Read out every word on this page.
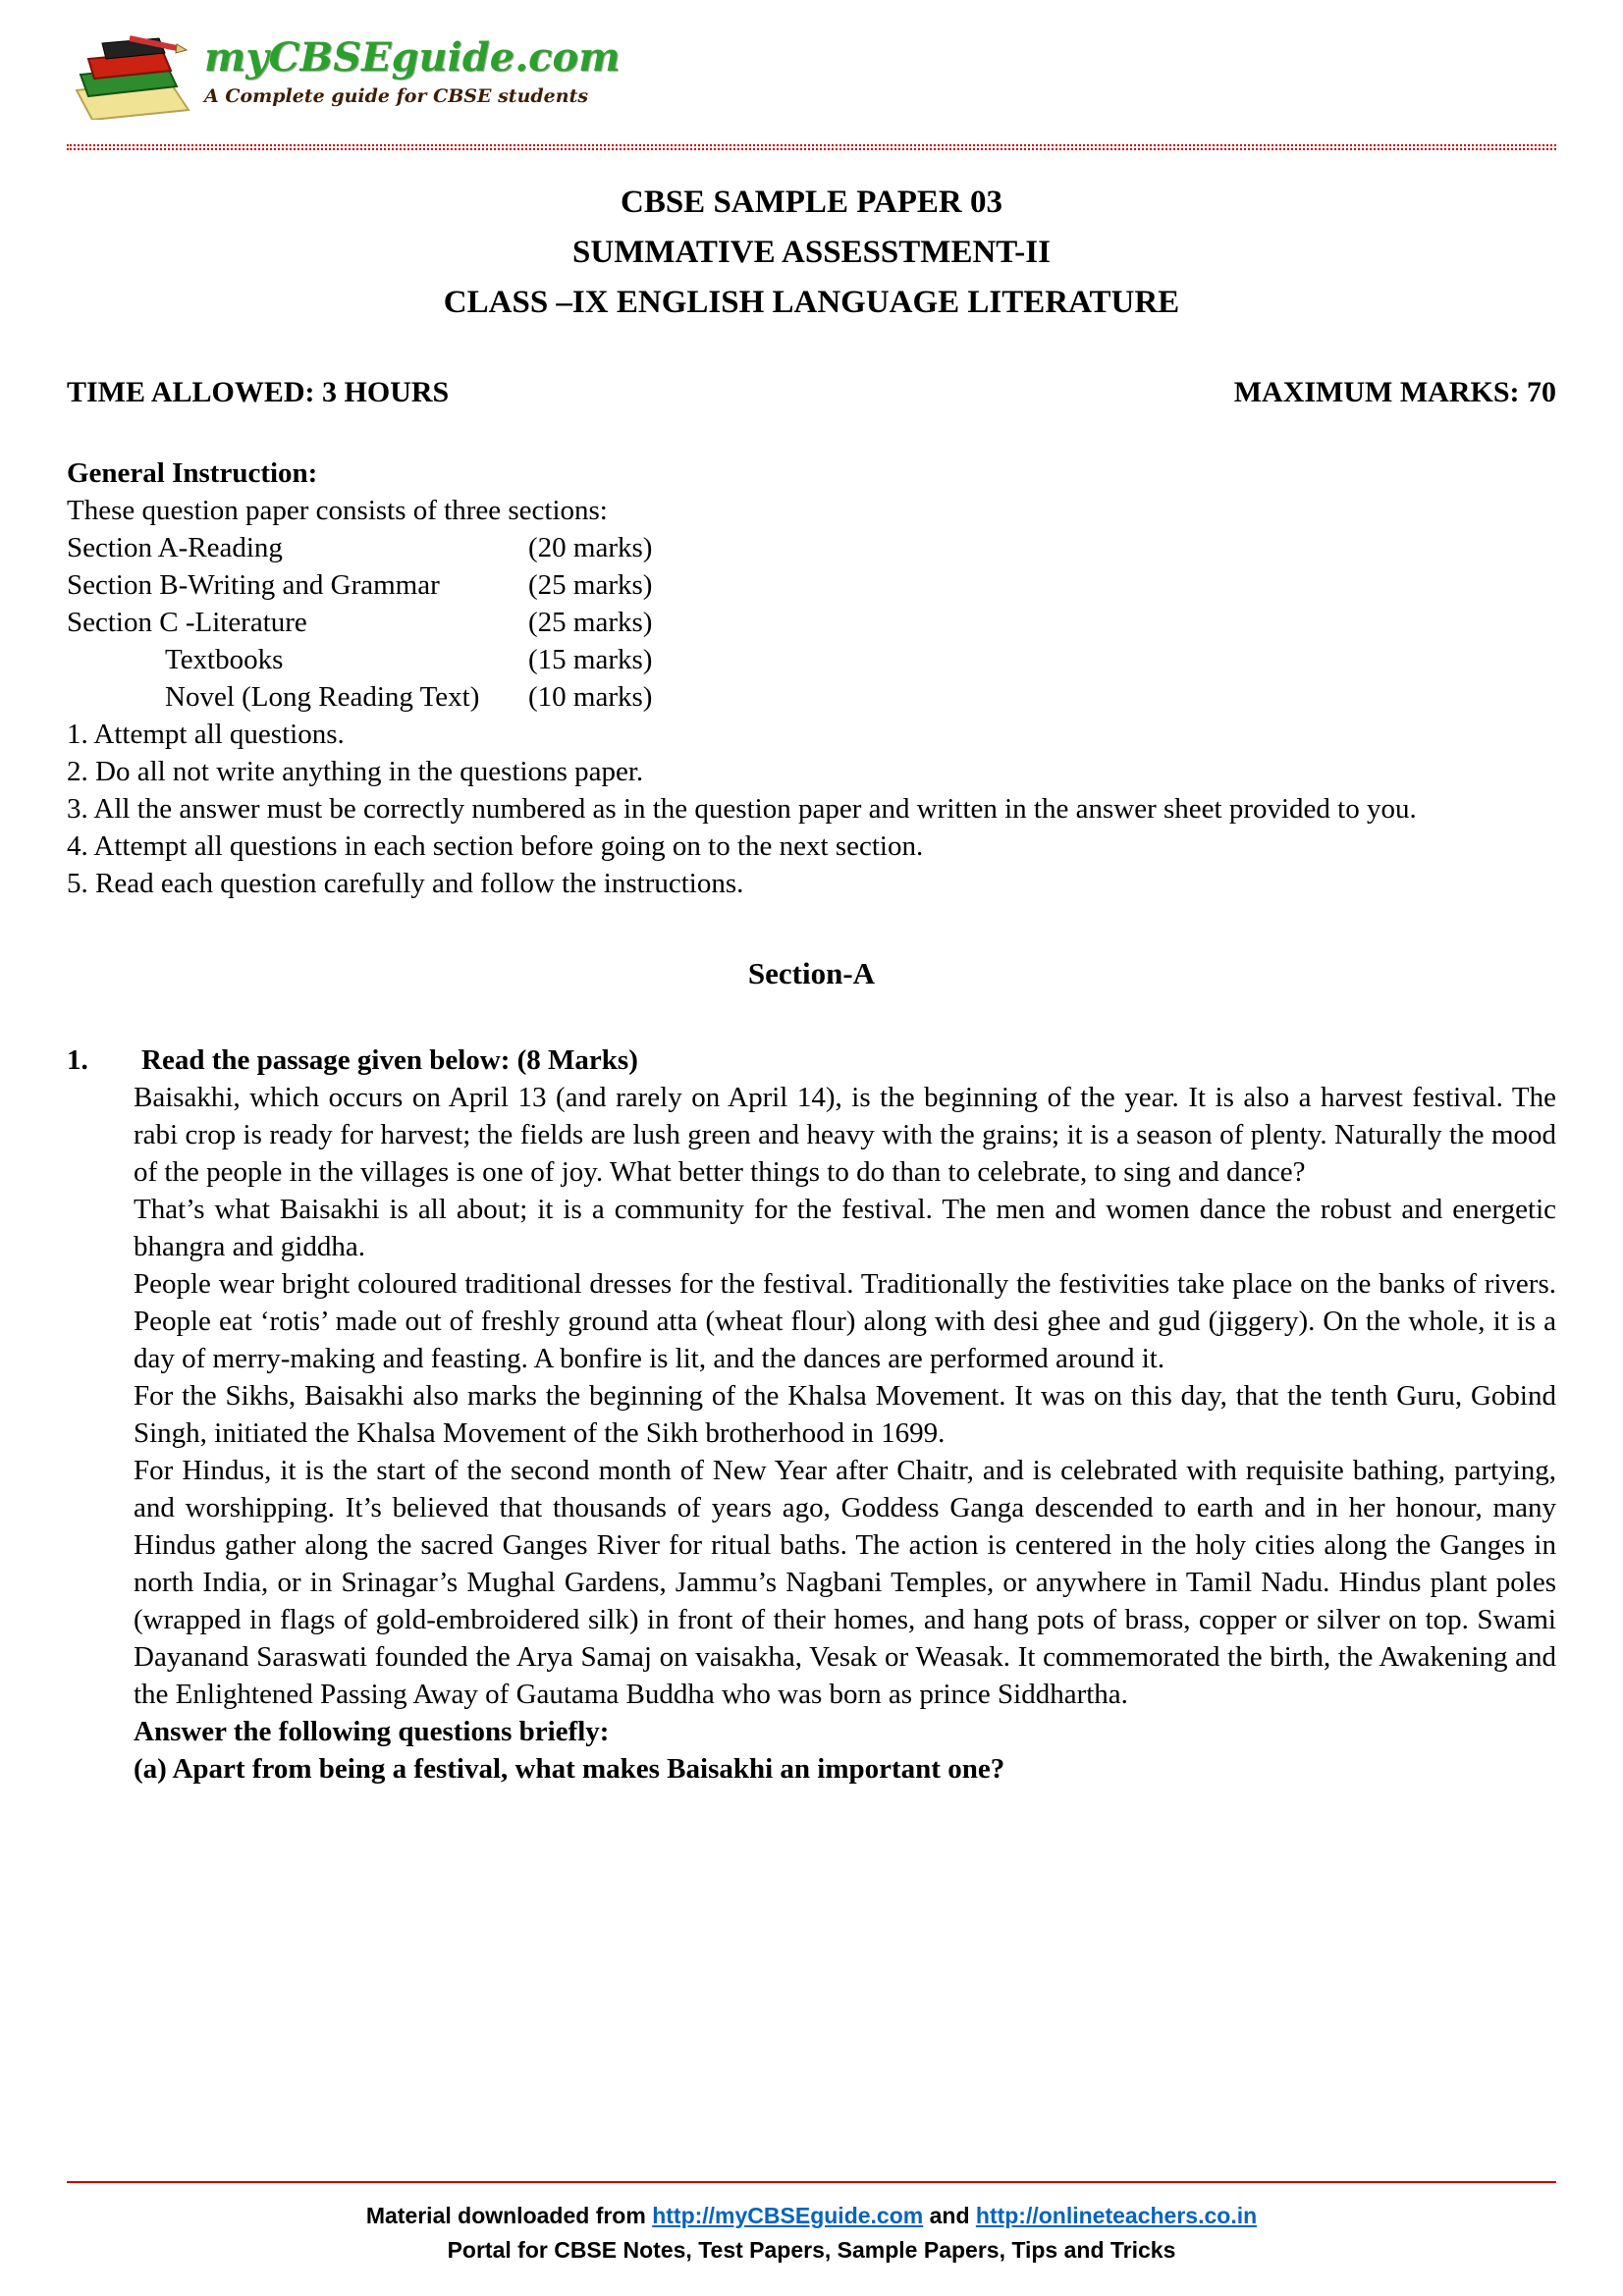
myCBSEguide.com
A Complete guide for CBSE students
CBSE SAMPLE PAPER 03
SUMMATIVE ASSESSTMENT-II
CLASS –IX ENGLISH LANGUAGE LITERATURE
TIME ALLOWED: 3 HOURS	MAXIMUM MARKS: 70

General Instruction:

These question paper consists of three sections:

Section A-Reading	(20 marks)
Section B-Writing and Grammar	(25 marks)
Section C -Literature	(25 marks)
Textbooks	(15 marks)
Novel (Long Reading Text)	(10 marks)

1. Attempt all questions.

2. Do all not write anything in the questions paper.

3. All the answer must be correctly numbered as in the question paper and written in the answer sheet provided to you.

4. Attempt all questions in each section before going on to the next section.

5. Read each question carefully and follow the instructions.

Section-A
1.	Read the passage given below: (8 Marks)

Baisakhi, which occurs on April 13 (and rarely on April 14), is the beginning of the year. It is also a harvest festival. The rabi crop is ready for harvest; the fields are lush green and heavy with the grains; it is a season of plenty. Naturally the mood of the people in the villages is one of joy. What better things to do than to celebrate, to sing and dance?

That’s what Baisakhi is all about; it is a community for the festival. The men and women dance the robust and energetic bhangra and giddha.

People wear bright coloured traditional dresses for the festival. Traditionally the festivities take place on the banks of rivers. People eat ‘rotis’ made out of freshly ground atta (wheat flour) along with desi ghee and gud (jiggery). On the whole, it is a day of merry-making and feasting. A bonfire is lit, and the dances are performed around it.

For the Sikhs, Baisakhi also marks the beginning of the Khalsa Movement. It was on this day, that the tenth Guru, Gobind Singh, initiated the Khalsa Movement of the Sikh brotherhood in 1699.

For Hindus, it is the start of the second month of New Year after Chaitr, and is celebrated with requisite bathing, partying, and worshipping. It’s believed that thousands of years ago, Goddess Ganga descended to earth and in her honour, many Hindus gather along the sacred Ganges River for ritual baths. The action is centered in the holy cities along the Ganges in north India, or in Srinagar’s Mughal Gardens, Jammu’s Nagbani Temples, or anywhere in Tamil Nadu. Hindus plant poles (wrapped in flags of gold-embroidered silk) in front of their homes, and hang pots of brass, copper or silver on top. Swami Dayanand Saraswati founded the Arya Samaj on vaisakha, Vesak or Weasak. It commemorated the birth, the Awakening and the Enlightened Passing Away of Gautama Buddha who was born as prince Siddhartha.

Answer the following questions briefly:

(a) Apart from being a festival, what makes Baisakhi an important one?

Material downloaded from http://myCBSEguide.com and http://onlineteachers.co.in
Portal for CBSE Notes, Test Papers, Sample Papers, Tips and Tricks
